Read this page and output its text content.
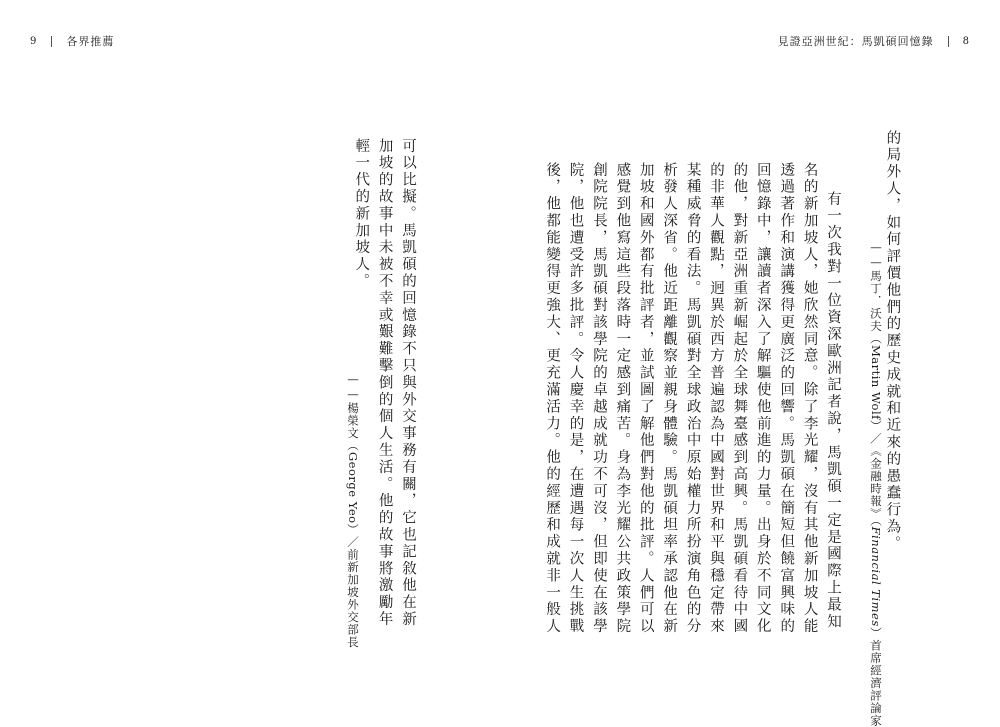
9	各界推薦	見證亞洲世紀：馬凱碩回憶錄	8
的局外人，如何評價他們的歷史成就和近來的愚蠢行為。
——馬丁．沃夫（Martin Wolf）／《金融時報》（Financial Times）首席經濟評論家
有一次我對一位資深歐洲記者說，馬凱碩一定是國際上最知名的新加坡人，她欣然同意。除了李光耀，沒有其他新加坡人能透過著作和演講獲得更廣泛的回響。馬凱碩在簡短但饒富興味的回憶錄中，讓讀者深入了解驅使他前進的力量。出身於不同文化的他，對新亞洲重新崛起於全球舞臺感到高興。馬凱碩看待中國的非華人觀點，迥異於西方普遍認為中國對世界和平與穩定帶來某種威脅的看法。馬凱碩對全球政治中原始權力所扮演角色的分析發人深省。他近距離觀察並親身體驗。馬凱碩坦率承認他在新加坡和國外都有批評者，並試圖了解他們對他的批評。人們可以感覺到他寫這些段落時一定感到痛苦。身為李光耀公共政策學院創院院長，馬凱碩對該學院的卓越成就功不可沒，但即使在該學院，他也遭受許多批評。令人慶幸的是，在遭遇每一次人生挑戰後，他都能變得更強大、更充滿活力。他的經歷和成就非一般人
可以比擬。馬凱碩的回憶錄不只與外交事務有關，它也記敘他在新加坡的故事中未被不幸或艱難擊倒的個人生活。他的故事將激勵年輕一代的新加坡人。
——楊榮文（George Yeo）／前新加坡外交部長
